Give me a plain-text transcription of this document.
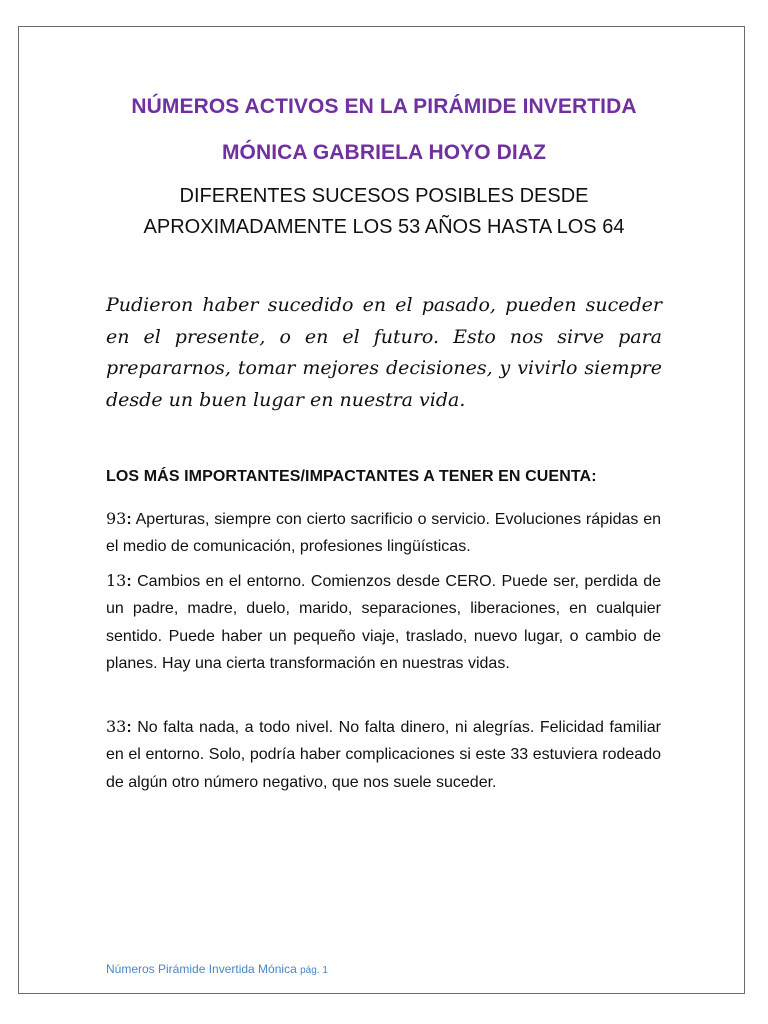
NÚMEROS ACTIVOS EN LA PIRÁMIDE INVERTIDA
MÓNICA GABRIELA HOYO DIAZ
DIFERENTES SUCESOS POSIBLES DESDE
APROXIMADAMENTE LOS 53 AÑOS HASTA LOS 64
Pudieron haber sucedido en el pasado, pueden suceder en el presente, o en el futuro. Esto nos sirve para prepararnos, tomar mejores decisiones, y vivirlo siempre desde un buen lugar en nuestra vida.
LOS MÁS IMPORTANTES/IMPACTANTES A TENER EN CUENTA:
93: Aperturas, siempre con cierto sacrificio o servicio. Evoluciones rápidas en el medio de comunicación, profesiones lingüísticas.
13: Cambios en el entorno. Comienzos desde CERO. Puede ser, perdida de un padre, madre, duelo, marido, separaciones, liberaciones, en cualquier sentido. Puede haber un pequeño viaje, traslado, nuevo lugar, o cambio de planes. Hay una cierta transformación en nuestras vidas.
33: No falta nada, a todo nivel. No falta dinero, ni alegrías. Felicidad familiar en el entorno. Solo, podría haber complicaciones si este 33 estuviera rodeado de algún otro número negativo, que nos suele suceder.
Números Pirámide Invertida Mónica pág. 1
